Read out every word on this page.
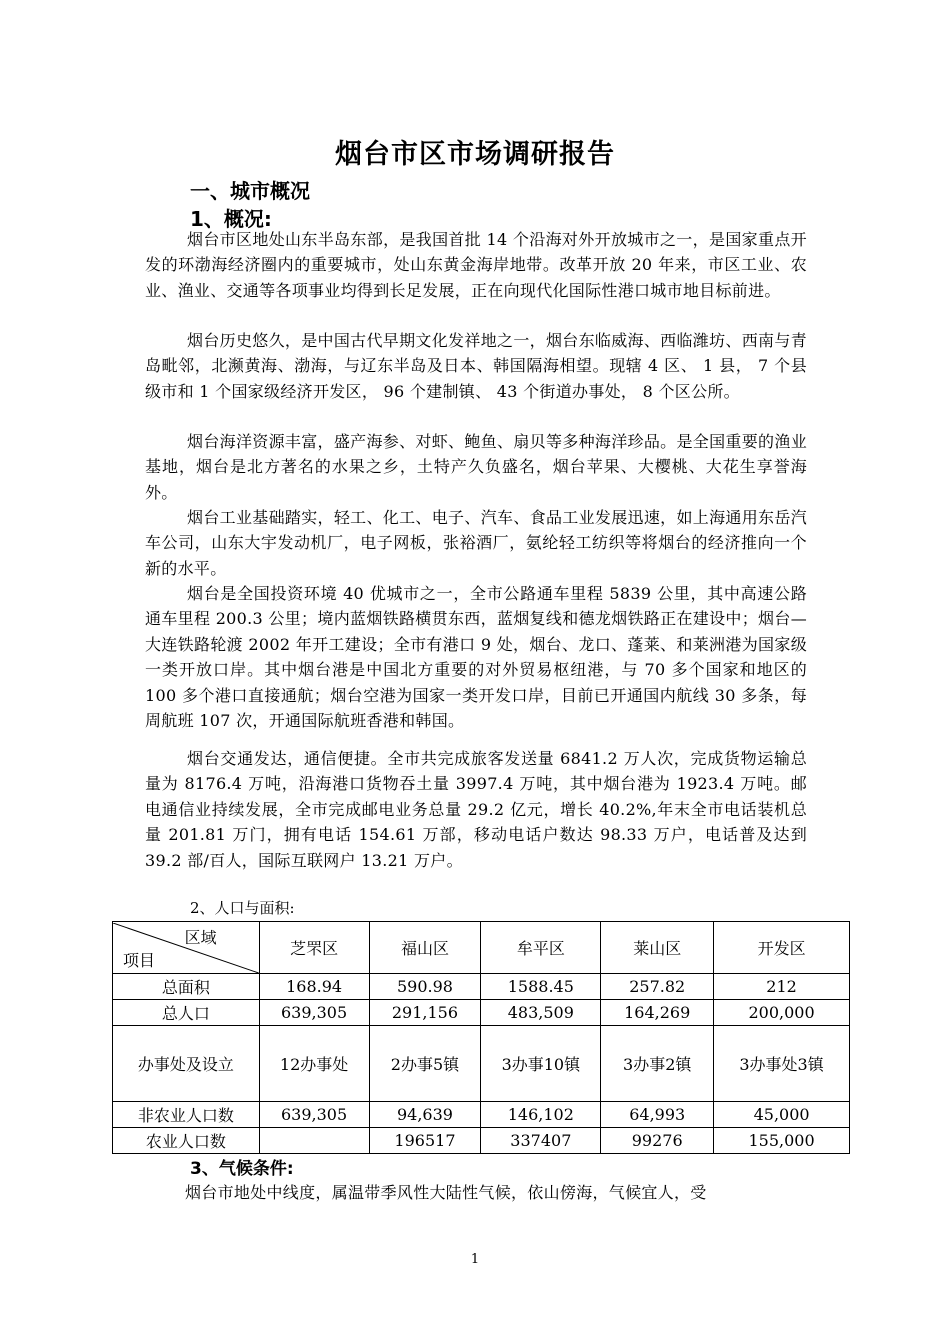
烟台市区市场调研报告
一、城市概况
1、概况:

烟台市区地处山东半岛东部，是我国首批 14 个沿海对外开放城市之一，是国家重点开发的环渤海经济圈内的重要城市，处山东黄金海岸地带。改革开放 20 年来，市区工业、农业、渔业、交通等各项事业均得到长足发展，正在向现代化国际性港口城市地目标前进。

烟台历史悠久，是中国古代早期文化发祥地之一，烟台东临威海、西临潍坊、西南与青岛毗邻，北濒黄海、渤海，与辽东半岛及日本、韩国隔海相望。现辖 4 区、 1 县， 7 个县级市和 1 个国家级经济开发区， 96 个建制镇、 43 个街道办事处， 8 个区公所。

烟台海洋资源丰富，盛产海参、对虾、鲍鱼、扇贝等多种海洋珍品。是全国重要的渔业基地，烟台是北方著名的水果之乡，土特产久负盛名，烟台苹果、大樱桃、大花生享誉海外。

烟台工业基础踏实，轻工、化工、电子、汽车、食品工业发展迅速，如上海通用东岳汽车公司，山东大宇发动机厂，电子网板，张裕酒厂，氨纶轻工纺织等将烟台的经济推向一个新的水平。

烟台是全国投资环境 40 优城市之一，全市公路通车里程 5839 公里，其中高速公路通车里程 200.3 公里；境内蓝烟铁路横贯东西，蓝烟复线和德龙烟铁路正在建设中；烟台—大连铁路轮渡 2002 年开工建设；全市有港口 9 处，烟台、龙口、蓬莱、和莱洲港为国家级一类开放口岸。其中烟台港是中国北方重要的对外贸易枢纽港，与 70 多个国家和地区的 100 多个港口直接通航；烟台空港为国家一类开发口岸，目前已开通国内航线 30 多条，每周航班 107 次，开通国际航班香港和韩国。

烟台交通发达，通信便捷。全市共完成旅客发送量 6841.2 万人次，完成货物运输总量为 8176.4 万吨，沿海港口货物吞土量 3997.4 万吨，其中烟台港为 1923.4 万吨。邮电通信业持续发展，全市完成邮电业务总量 29.2 亿元，增长 40.2%,年末全市电话装机总量 201.81 万门，拥有电话 154.61 万部，移动电话户数达 98.33 万户，电话普及达到 39.2 部/百人，国际互联网户 13.21 万户。

2、人口与面积:
区域
项目	芝罘区	福山区	牟平区	莱山区	开发区
总面积	168.94	590.98	1588.45	257.82	212
总人口	639,305	291,156	483,509	164,269	200,000
办事处及设立	12办事处	2办事5镇	3办事10镇	3办事2镇	3办事处3镇
非农业人口数	639,305	94,639	146,102	64,993	45,000
农业人口数		196517	337407	99276	155,000
3、气候条件:

烟台市地处中线度，属温带季风性大陆性气候，依山傍海，气候宜人，受

1
